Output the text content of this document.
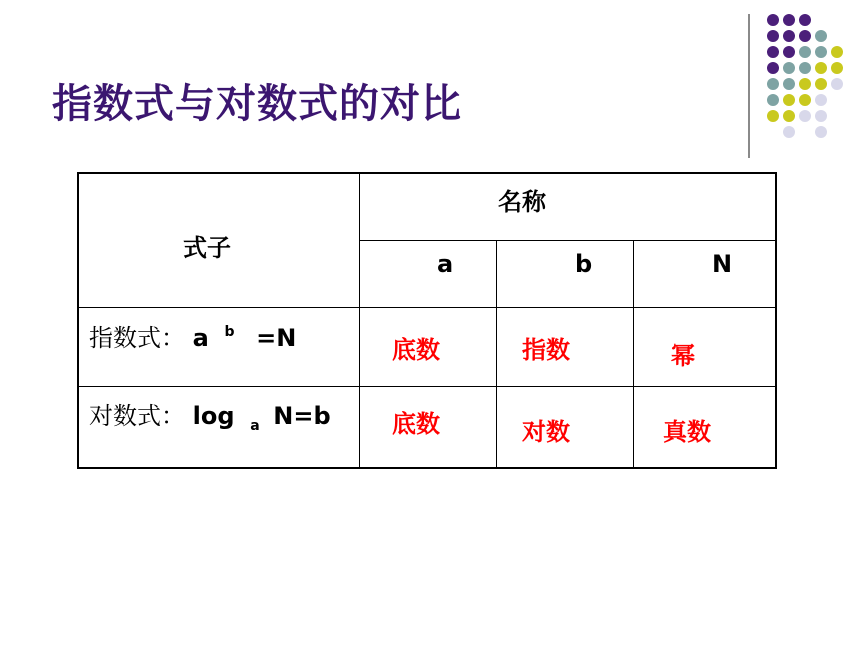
指数式与对数式的对比
式子
名称
a	b	N
指数式： a $^b$ =N	底数	指数	幂
对数式： log $_a$ N=b	底数	对数	真数
